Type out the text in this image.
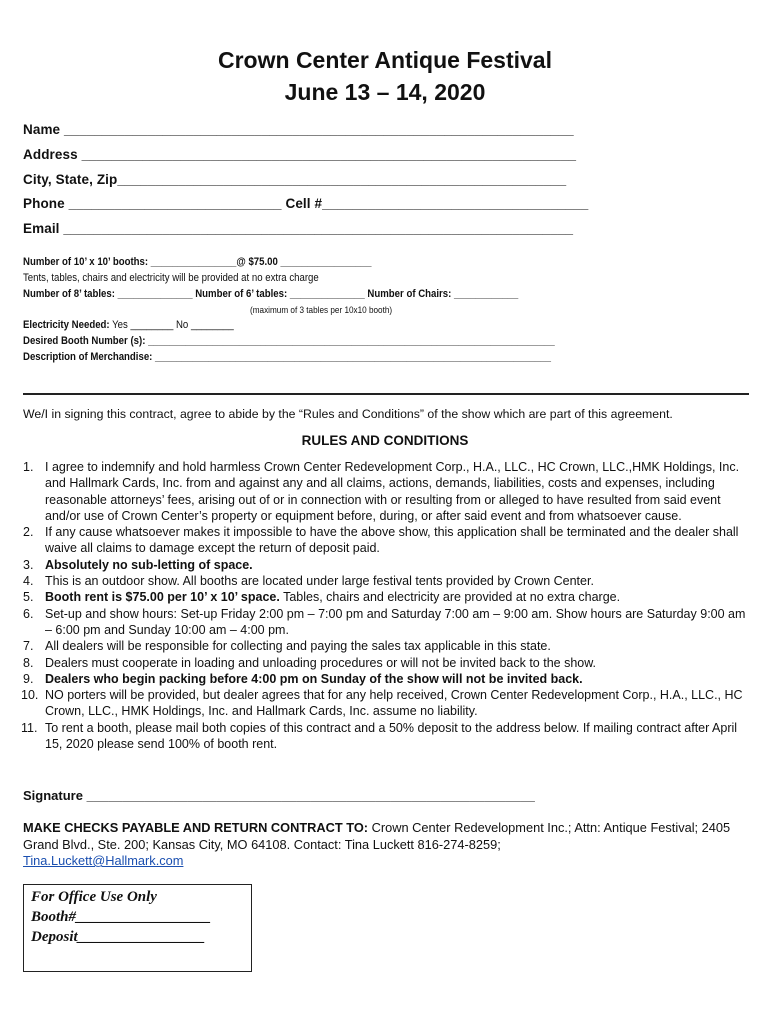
Crown Center Antique Festival
June 13 – 14, 2020
Name ___________________________________________________________________
Address _________________________________________________________________
City, State, Zip___________________________________________________________
Phone ____________________________ Cell #___________________________________
Email ___________________________________________________________________
Number of 10’ x 10’ booths: ________________@ $75.00 _________________
Tents, tables, chairs and electricity will be provided at no extra charge
Number of 8’ tables: ______________ Number of 6’ tables: ______________ Number of Chairs: ____________
(maximum of 3 tables per 10x10 booth)
Electricity Needed: Yes ________ No ________
Desired Booth Number (s): ____________________________________________________________________________
Description of Merchandise: __________________________________________________________________________
We/I in signing this contract, agree to abide by the “Rules and Conditions” of the show which are part of this agreement.
RULES AND CONDITIONS
1. I agree to indemnify and hold harmless Crown Center Redevelopment Corp., H.A., LLC., HC Crown, LLC.,HMK Holdings, Inc. and Hallmark Cards, Inc. from and against any and all claims, actions, demands, liabilities, costs and expenses, including reasonable attorneys’ fees, arising out of or in connection with or resulting from or alleged to have resulted from said event and/or use of Crown Center’s property or equipment before, during, or after said event and from whatsoever cause.
2. If any cause whatsoever makes it impossible to have the above show, this application shall be terminated and the dealer shall waive all claims to damage except the return of deposit paid.
3. Absolutely no sub-letting of space.
4. This is an outdoor show. All booths are located under large festival tents provided by Crown Center.
5. Booth rent is $75.00 per 10’ x 10’ space. Tables, chairs and electricity are provided at no extra charge.
6. Set-up and show hours: Set-up Friday 2:00 pm – 7:00 pm and Saturday 7:00 am – 9:00 am. Show hours are Saturday 9:00 am – 6:00 pm and Sunday 10:00 am – 4:00 pm.
7. All dealers will be responsible for collecting and paying the sales tax applicable in this state.
8. Dealers must cooperate in loading and unloading procedures or will not be invited back to the show.
9. Dealers who begin packing before 4:00 pm on Sunday of the show will not be invited back.
10. NO porters will be provided, but dealer agrees that for any help received, Crown Center Redevelopment Corp., H.A., LLC., HC Crown, LLC., HMK Holdings, Inc. and Hallmark Cards, Inc. assume no liability.
11. To rent a booth, please mail both copies of this contract and a 50% deposit to the address below. If mailing contract after April 15, 2020 please send 100% of booth rent.
Signature ______________________________________________________________
MAKE CHECKS PAYABLE AND RETURN CONTRACT TO: Crown Center Redevelopment Inc.; Attn: Antique Festival; 2405 Grand Blvd., Ste. 200; Kansas City, MO 64108. Contact: Tina Luckett 816-274-8259;
Tina.Luckett@Hallmark.com
For Office Use Only
Booth#__________________
Deposit_________________
